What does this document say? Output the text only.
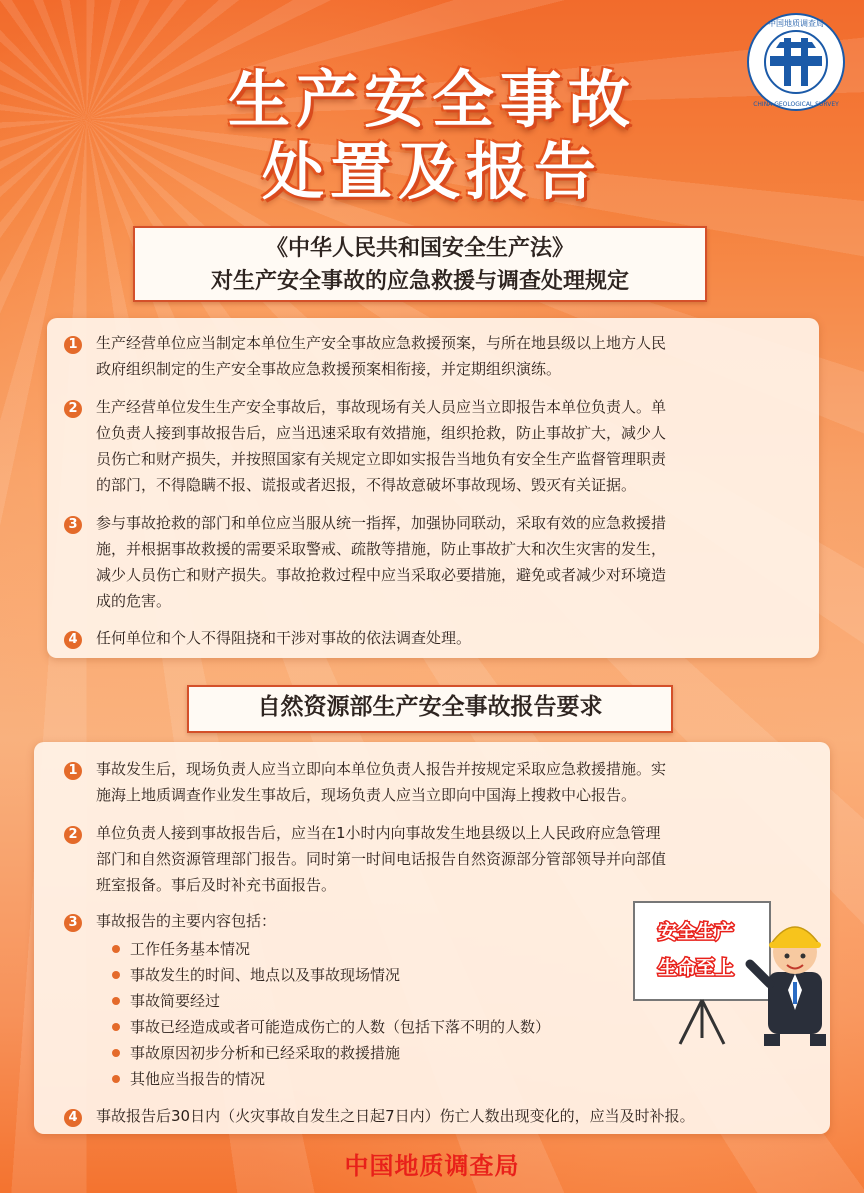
中国地质调查局
CHINA GEOLOGICAL SURVEY
生产安全事故
处置及报告
《中华人民共和国安全生产法》
对生产安全事故的应急救援与调查处理规定
1 生产经营单位应当制定本单位生产安全事故应急救援预案，与所在地县级以上地方人民
政府组织制定的生产安全事故应急救援预案相衔接，并定期组织演练。
2 生产经营单位发生生产安全事故后，事故现场有关人员应当立即报告本单位负责人。单
位负责人接到事故报告后，应当迅速采取有效措施，组织抢救，防止事故扩大，减少人
员伤亡和财产损失，并按照国家有关规定立即如实报告当地负有安全生产监督管理职责
的部门，不得隐瞒不报、谎报或者迟报，不得故意破坏事故现场、毁灭有关证据。
3 参与事故抢救的部门和单位应当服从统一指挥，加强协同联动，采取有效的应急救援措
施，并根据事故救援的需要采取警戒、疏散等措施，防止事故扩大和次生灾害的发生，
减少人员伤亡和财产损失。事故抢救过程中应当采取必要措施，避免或者减少对环境造
成的危害。
4 任何单位和个人不得阻挠和干涉对事故的依法调查处理。
自然资源部生产安全事故报告要求
1 事故发生后，现场负责人应当立即向本单位负责人报告并按规定采取应急救援措施。实
施海上地质调查作业发生事故后，现场负责人应当立即向中国海上搜救中心报告。
2 单位负责人接到事故报告后，应当在1小时内向事故发生地县级以上人民政府应急管理
部门和自然资源管理部门报告。同时第一时间电话报告自然资源部分管部领导并向部值
班室报备。事后及时补充书面报告。
3 事故报告的主要内容包括：
工作任务基本情况
事故发生的时间、地点以及事故现场情况
事故简要经过
事故已经造成或者可能造成伤亡的人数（包括下落不明的人数）
事故原因初步分析和已经采取的救援措施
其他应当报告的情况
4 事故报告后30日内（火灾事故自发生之日起7日内）伤亡人数出现变化的，应当及时补报。
安全生产
生命至上
中国地质调查局
